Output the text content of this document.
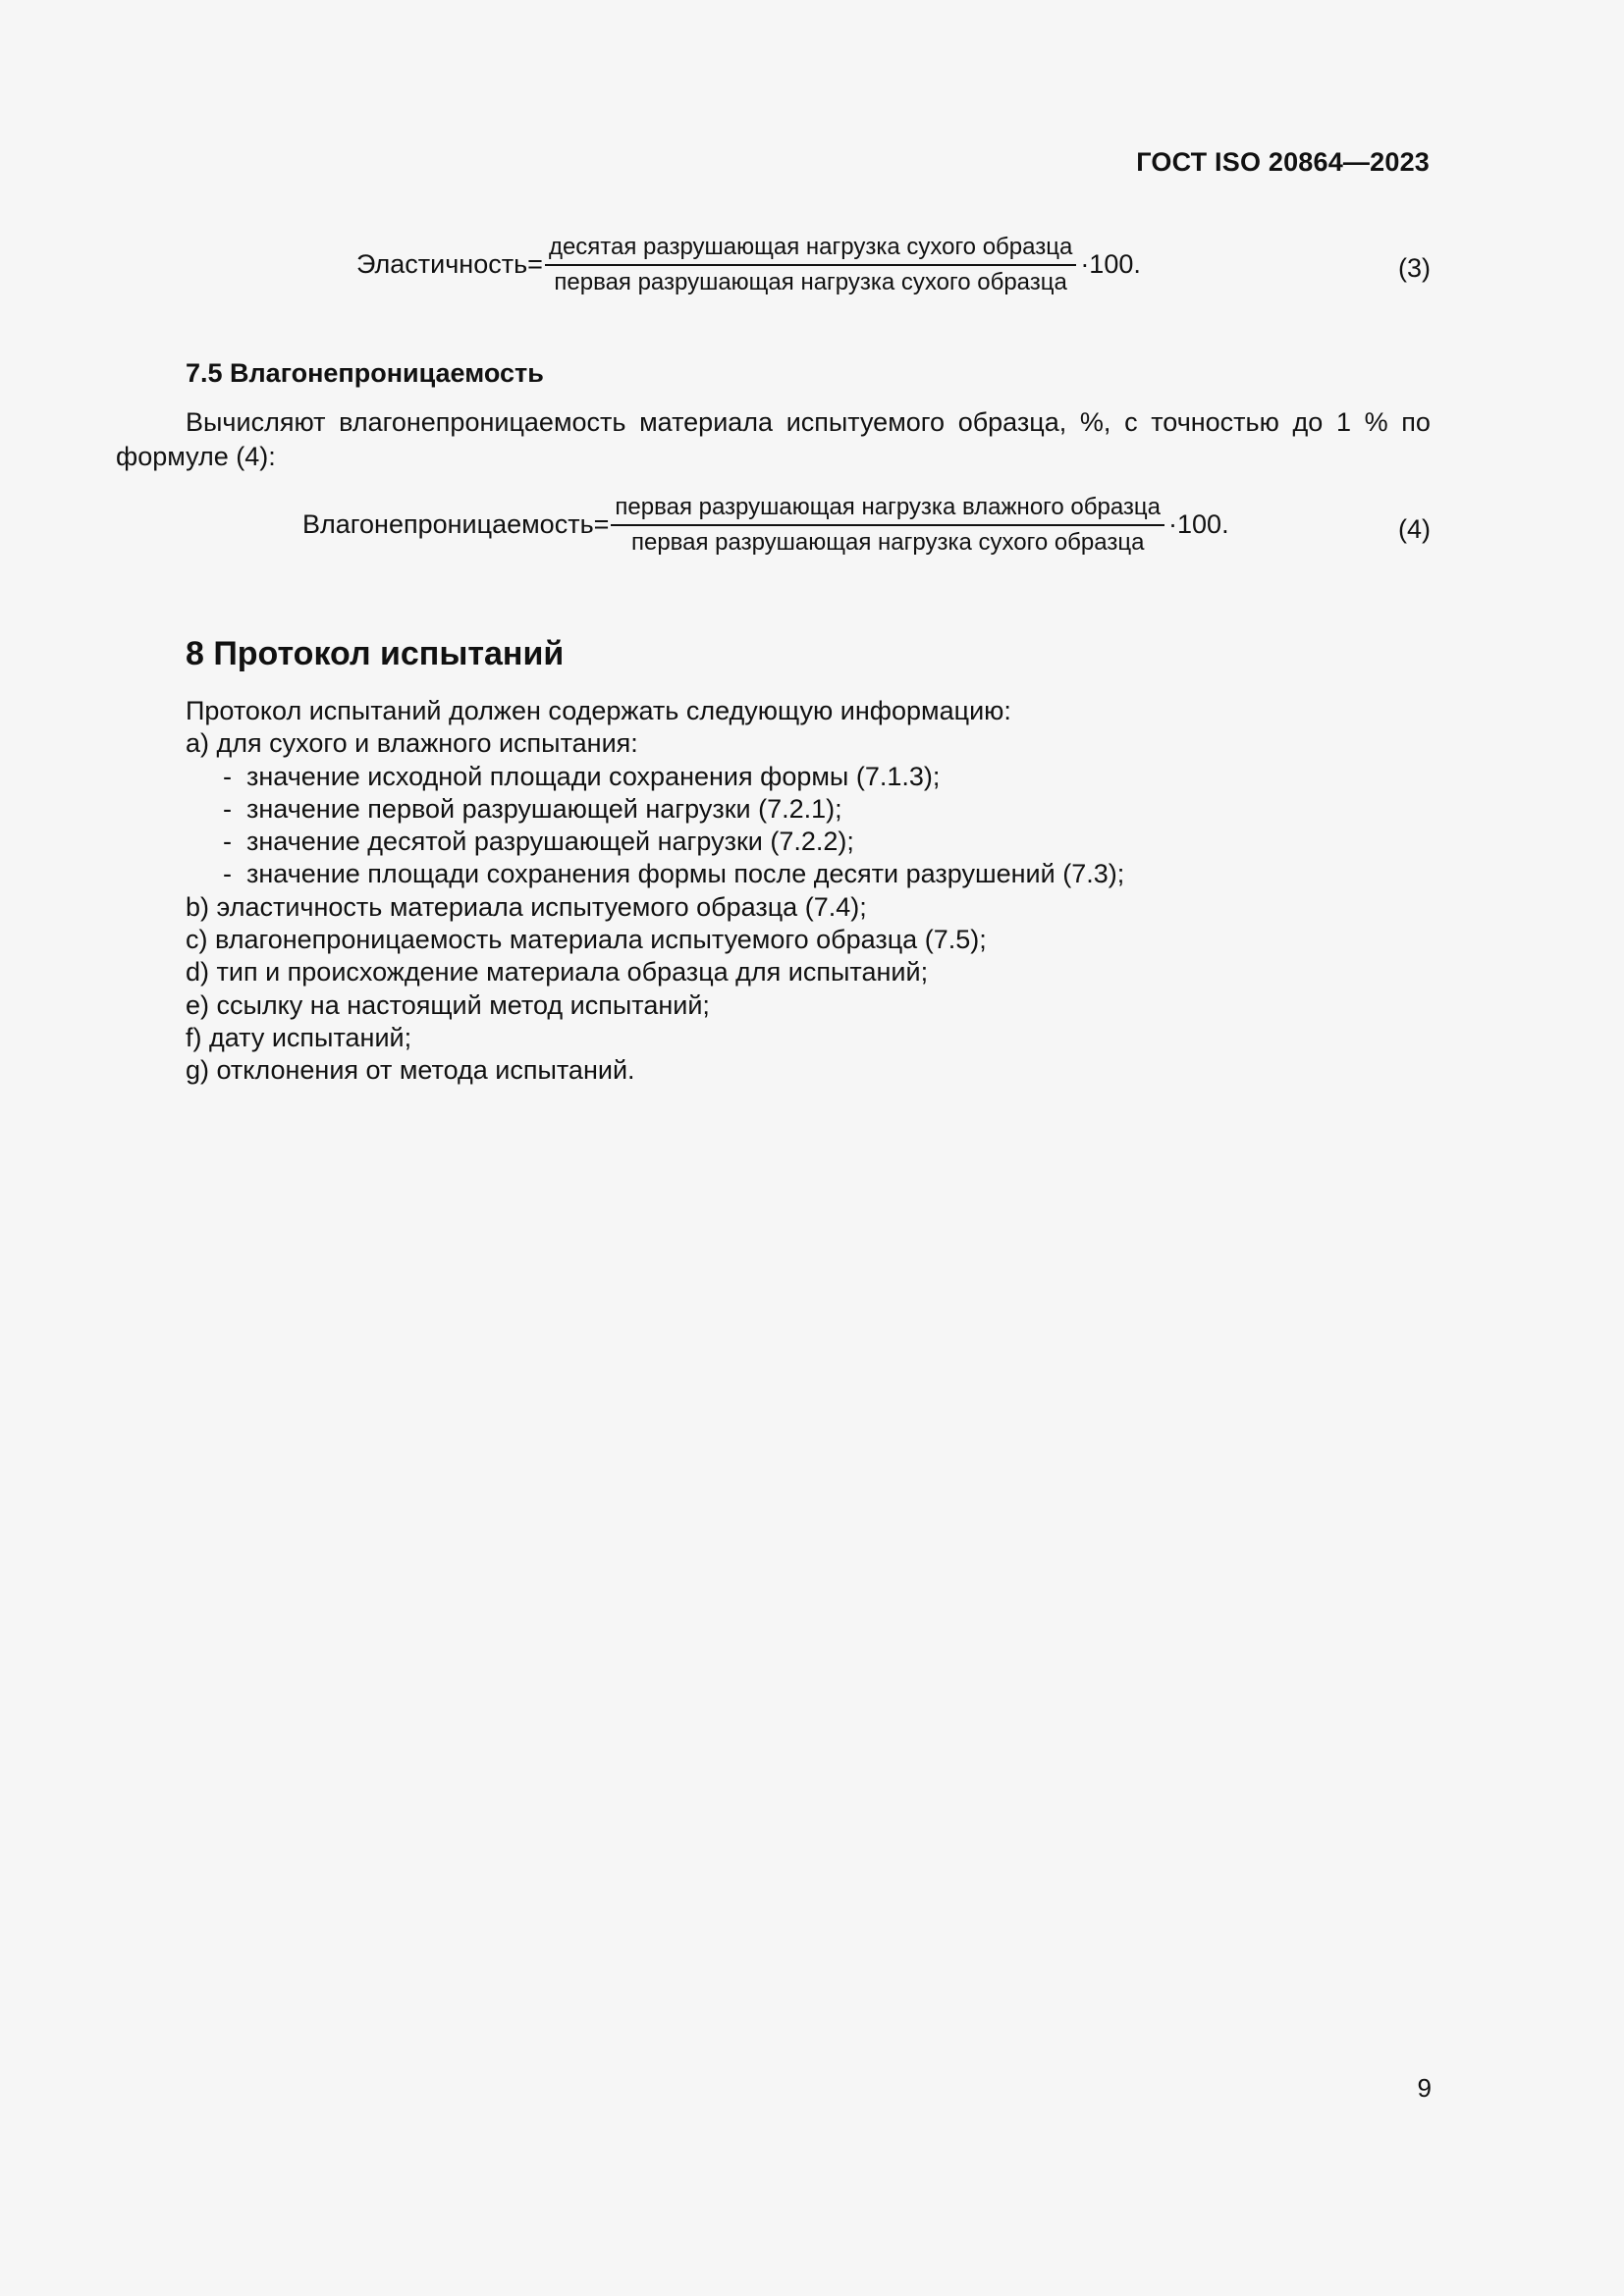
ГОСТ ISO 20864—2023
Эластичность = $\frac{\text{десятая разрушающая нагрузка сухого образца}}{\text{первая разрушающая нагрузка сухого образца}} \cdot 100$.	(3)
7.5 Влагонепроницаемость
Вычисляют влагонепроницаемость материала испытуемого образца, %, с точностью до 1 % по
формуле (4):
Влагонепроницаемость = $\frac{\text{первая разрушающая нагрузка влажного образца}}{\text{первая разрушающая нагрузка сухого образца}} \cdot 100$.	(4)
8 Протокол испытаний
Протокол испытаний должен содержать следующую информацию:
a) для сухого и влажного испытания:
- значение исходной площади сохранения формы (7.1.3);
- значение первой разрушающей нагрузки (7.2.1);
- значение десятой разрушающей нагрузки (7.2.2);
- значение площади сохранения формы после десяти разрушений (7.3);
b) эластичность материала испытуемого образца (7.4);
c) влагонепроницаемость материала испытуемого образца (7.5);
d) тип и происхождение материала образца для испытаний;
e) ссылку на настоящий метод испытаний;
f) дату испытаний;
g) отклонения от метода испытаний.
9
